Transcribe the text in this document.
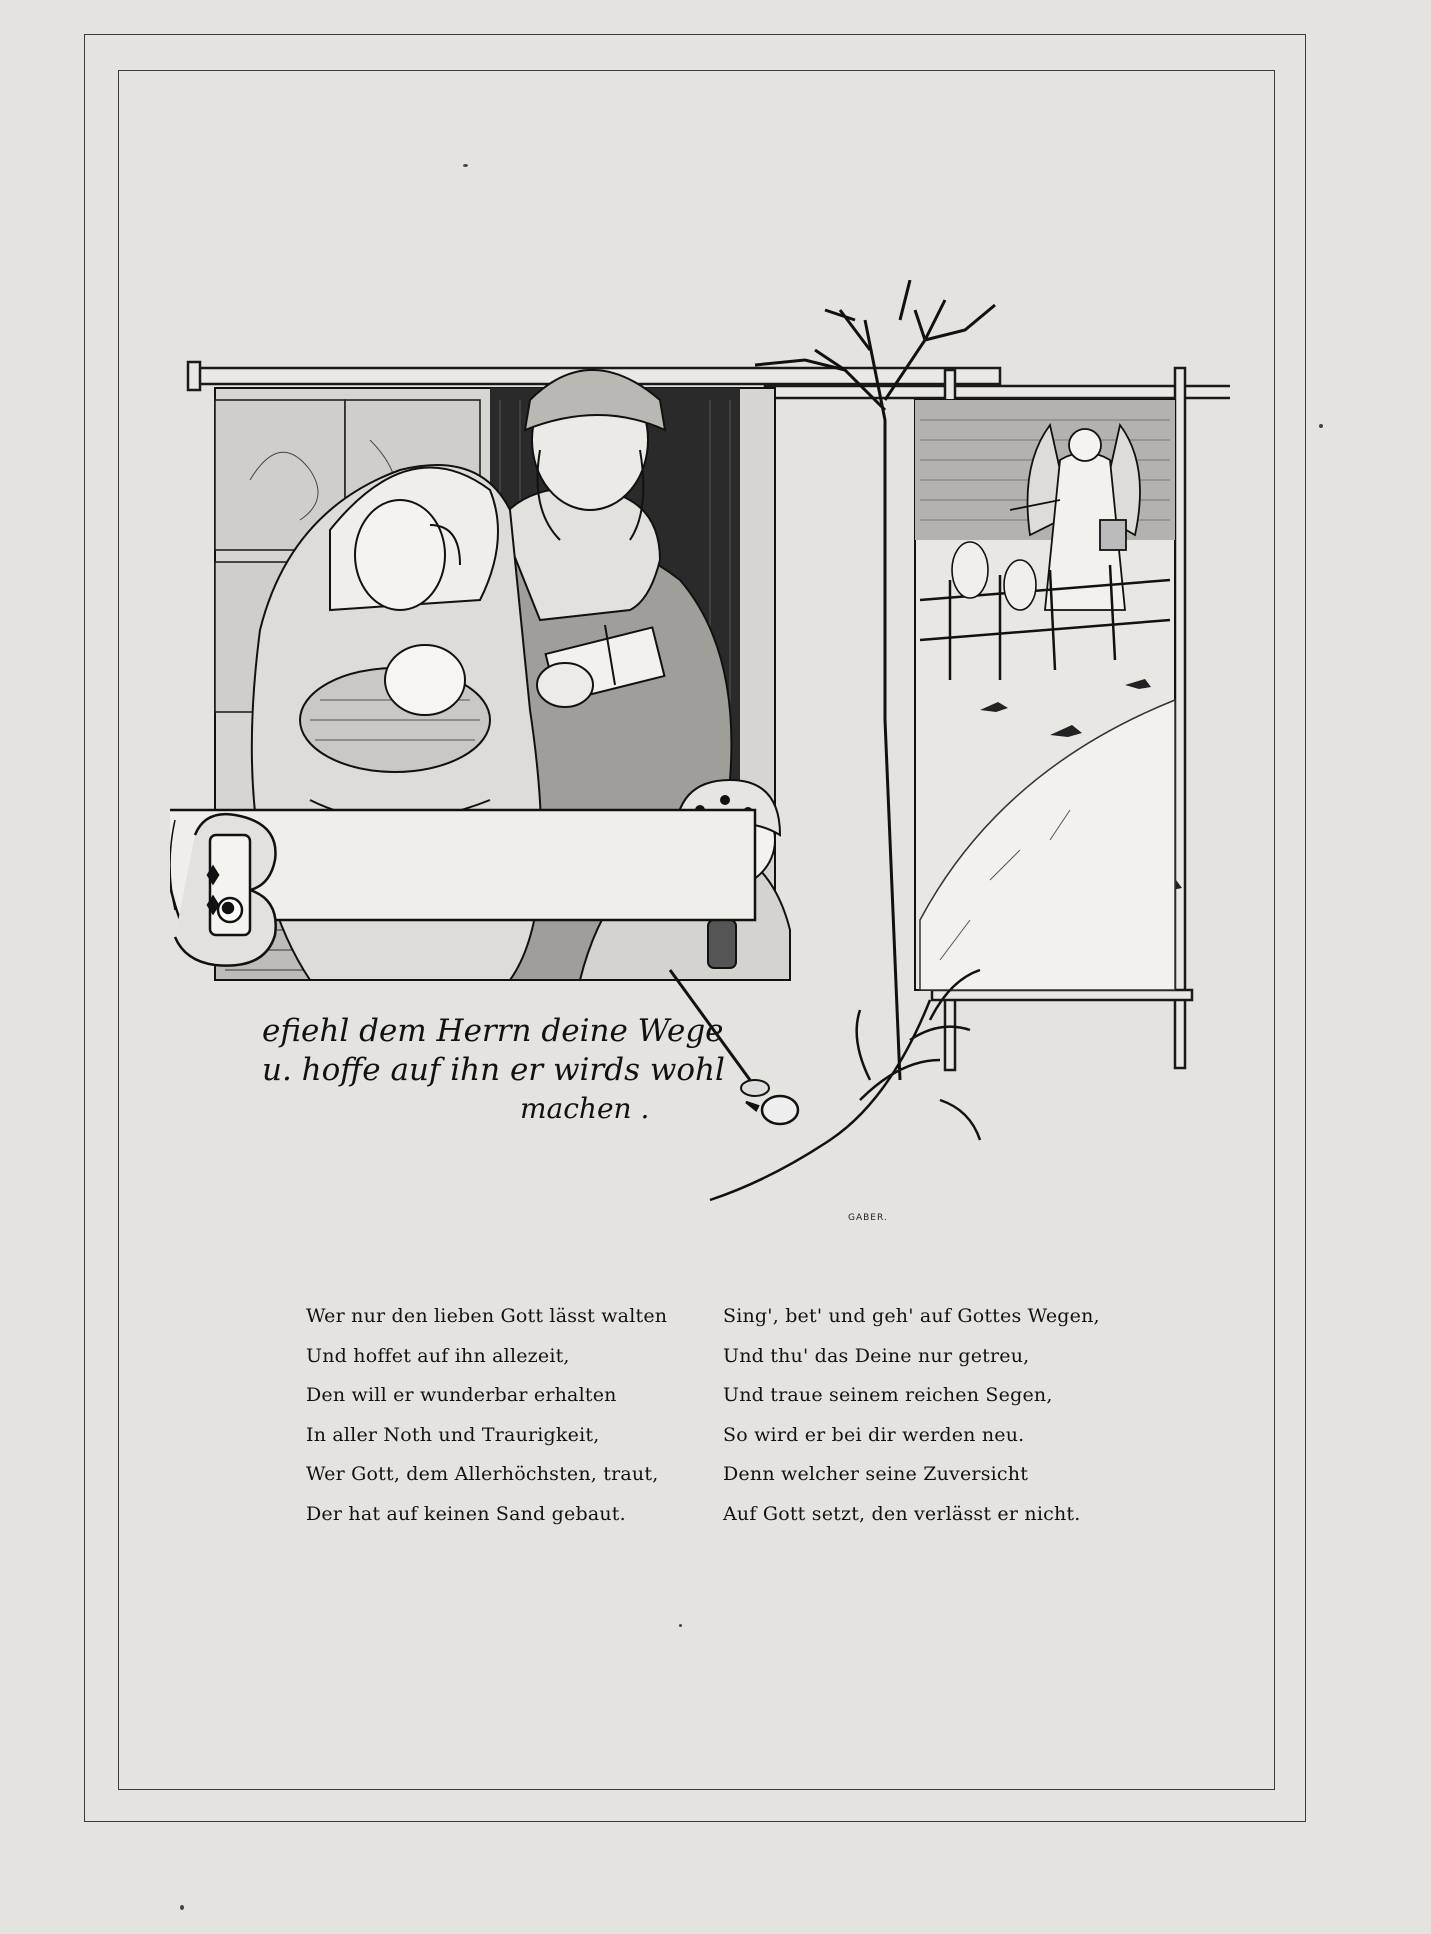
efiehl dem Herrn deine Wege
u. hoffe auf ihn er wirds wohl
machen .
GABER.
Wer nur den lieben Gott lässt walten
Und hoffet auf ihn allezeit,
Den will er wunderbar erhalten
In aller Noth und Traurigkeit,
Wer Gott, dem Allerhöchsten, traut,
Der hat auf keinen Sand gebaut.
Sing', bet' und geh' auf Gottes Wegen,
Und thu' das Deine nur getreu,
Und traue seinem reichen Segen,
So wird er bei dir werden neu.
Denn welcher seine Zuversicht
Auf Gott setzt, den verlässt er nicht.
